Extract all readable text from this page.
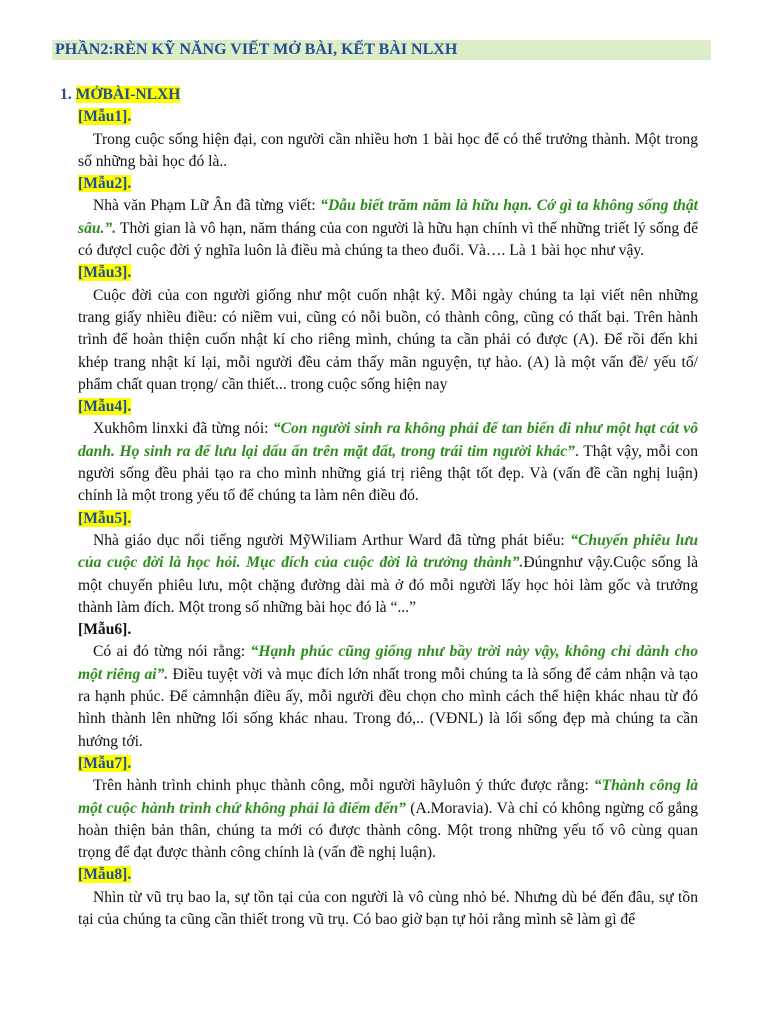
PHẦN2:RÈN KỸ NĂNG VIẾT MỞ BÀI, KẾT BÀI NLXH
1. MỞBÀI-NLXH
[Mẫu1].

Trong cuộc sống hiện đại, con người cần nhiều hơn 1 bài học để có thể trưởng thành. Một trong số những bài học đó là..

[Mẫu2].

Nhà văn Phạm Lữ Ân đã từng viết: “Dẫu biết trăm năm là hữu hạn. Cớ gì ta không sống thật sâu.”. Thời gian là vô hạn, năm tháng của con người là hữu hạn chính vì thế những triết lý sống để có đượcl cuộc đời ý nghĩa luôn là điều mà chúng ta theo đuổi. Và…. Là 1 bài học như vậy.

[Mẫu3].

Cuộc đời của con người giống như một cuốn nhật ký. Mỗi ngày chúng ta lại viết nên những trang giấy nhiều điều: có niềm vui, cũng có nỗi buồn, có thành công, cũng có thất bại. Trên hành trình để hoàn thiện cuốn nhật kí cho riêng mình, chúng ta cần phải có được (A). Để rồi đến khi khép trang nhật kí lại, mỗi người đều cảm thấy mãn nguyện, tự hào. (A) là một vấn đề/ yếu tố/ phẩm chất quan trọng/ cần thiết... trong cuộc sống hiện nay

[Mẫu4].

Xukhôm linxki đã từng nói: “Con người sinh ra không phải để tan biến đi như một hạt cát vô danh. Họ sinh ra để lưu lại dấu ấn trên mặt đất, trong trái tim người khác”. Thật vậy, mỗi con người sống đều phải tạo ra cho mình những giá trị riêng thật tốt đẹp. Và (vấn đề cần nghị luận) chính là một trong yếu tố để chúng ta làm nên điều đó.

[Mẫu5].

Nhà giáo dục nổi tiếng người MỹWiliam Arthur Ward đã từng phát biểu: “Chuyến phiêu lưu của cuộc đời là học hỏi. Mục đích của cuộc đời là trưởng thành”.Đúngnhư vậy.Cuộc sống là một chuyến phiêu lưu, một chặng đường dài mà ở đó mỗi người lấy học hỏi làm gốc và trưởng thành làm đích. Một trong số những bài học đó là “...”

[Mẫu6].

Có ai đó từng nói rằng: “Hạnh phúc cũng giống như bầy trời này vậy, không chỉ dành cho một riêng ai”. Điều tuyệt vời và mục đích lớn nhất trong mỗi chúng ta là sống để cảm nhận và tạo ra hạnh phúc. Để cảmnhận điều ấy, mỗi người đều chọn cho mình cách thể hiện khác nhau từ đó hình thành lên những lối sống khác nhau. Trong đó,.. (VĐNL) là lối sống đẹp mà chúng ta cần hướng tới.

[Mẫu7].

Trên hành trình chinh phục thành công, mỗi người hãyluôn ý thức được rằng: “Thành công là một cuộc hành trình chứ không phải là điểm đến” (A.Moravia). Và chỉ có không ngừng cố gắng hoàn thiện bản thân, chúng ta mới có được thành công. Một trong những yếu tố vô cùng quan trọng để đạt được thành công chính là (vấn đề nghị luận).

[Mẫu8].

Nhìn từ vũ trụ bao la, sự tồn tại của con người là vô cùng nhỏ bé. Nhưng dù bé đến đâu, sự tồn tại của chúng ta cũng cần thiết trong vũ trụ. Có bao giờ bạn tự hỏi rằng mình sẽ làm gì để
